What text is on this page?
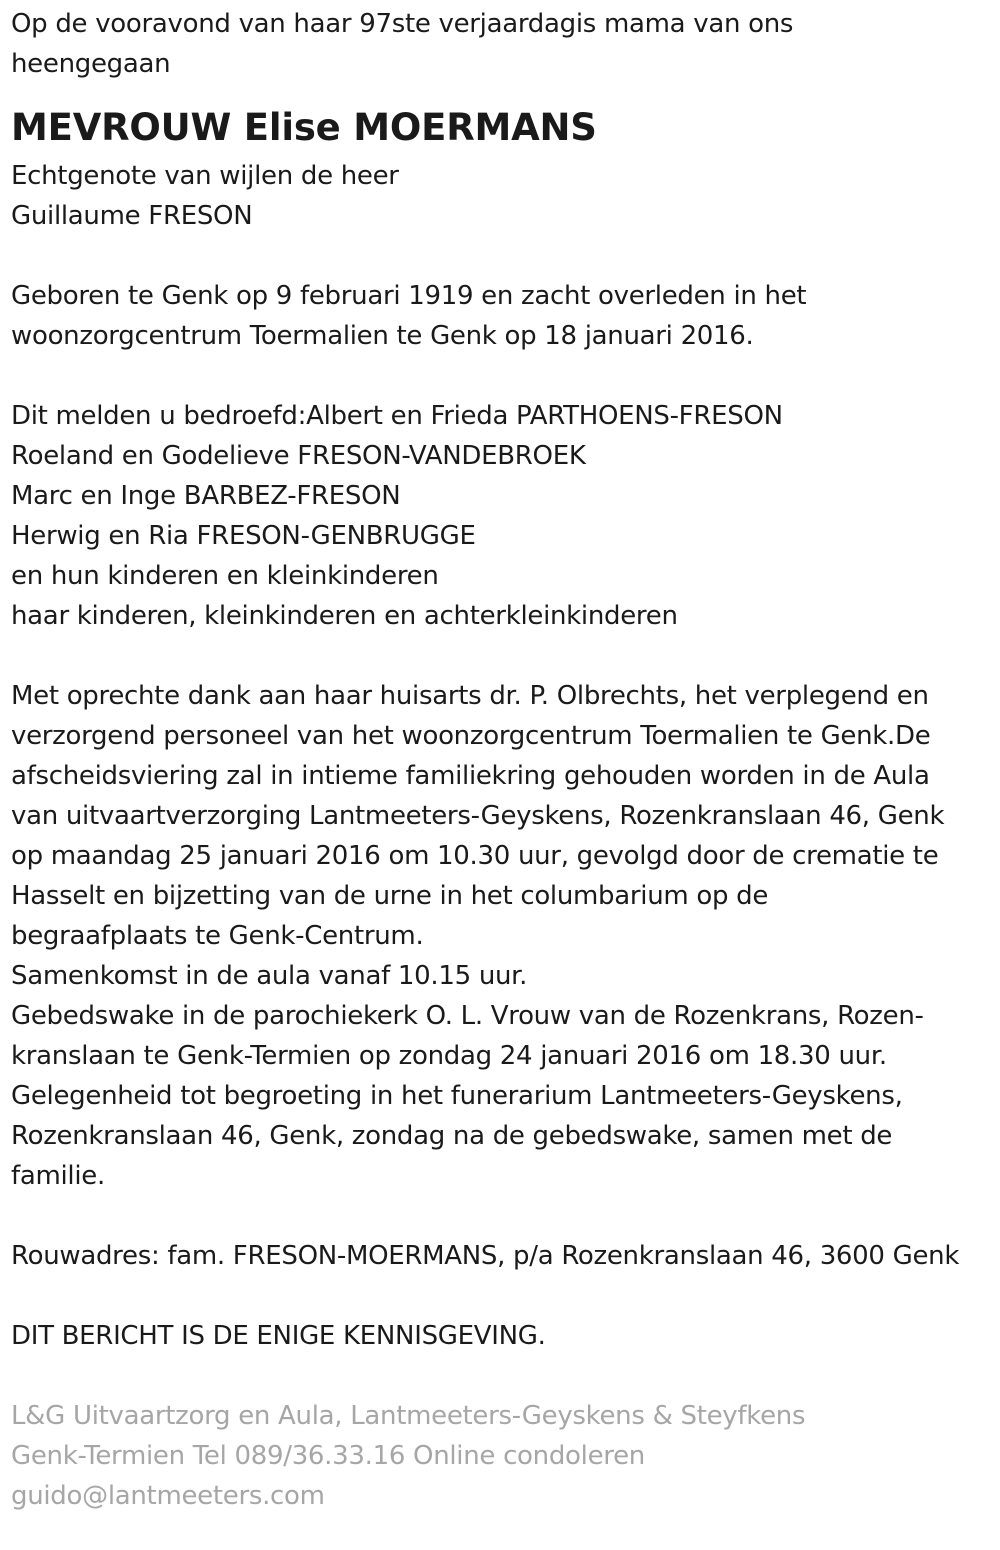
Op de vooravond van haar 97ste verjaardagis mama van ons
heengegaan
MEVROUW Elise MOERMANS
Echtgenote van wijlen de heer
Guillaume FRESON
Geboren te Genk op 9 februari 1919 en zacht overleden in het
woonzorgcentrum Toermalien te Genk op 18 januari 2016.
Dit melden u bedroefd:Albert en Frieda PARTHOENS-FRESON
Roeland en Godelieve FRESON-VANDEBROEK
Marc en Inge BARBEZ-FRESON
Herwig en Ria FRESON-GENBRUGGE
en hun kinderen en kleinkinderen
haar kinderen, kleinkinderen en achterkleinkinderen
Met oprechte dank aan haar huisarts dr. P. Olbrechts, het verplegend en
verzorgend personeel van het woonzorgcentrum Toermalien te Genk.De
afscheidsviering zal in intieme familiekring gehouden worden in de Aula
van uitvaartverzorging Lantmeeters-Geyskens, Rozenkranslaan 46, Genk
op maandag 25 januari 2016 om 10.30 uur, gevolgd door de crematie te
Hasselt en bijzetting van de urne in het columbarium op de
begraafplaats te Genk-Centrum.
Samenkomst in de aula vanaf 10.15 uur.
Gebedswake in de parochiekerk O. L. Vrouw van de Rozenkrans, Rozen-
kranslaan te Genk-Termien op zondag 24 januari 2016 om 18.30 uur.
Gelegenheid tot begroeting in het funerarium Lantmeeters-Geyskens,
Rozenkranslaan 46, Genk, zondag na de gebedswake, samen met de
familie.
Rouwadres: fam. FRESON-MOERMANS, p/a Rozenkranslaan 46, 3600 Genk
DIT BERICHT IS DE ENIGE KENNISGEVING.
L&G Uitvaartzorg en Aula, Lantmeeters-Geyskens & Steyfkens
Genk-Termien Tel 089/36.33.16 Online condoleren
guido@lantmeeters.com
